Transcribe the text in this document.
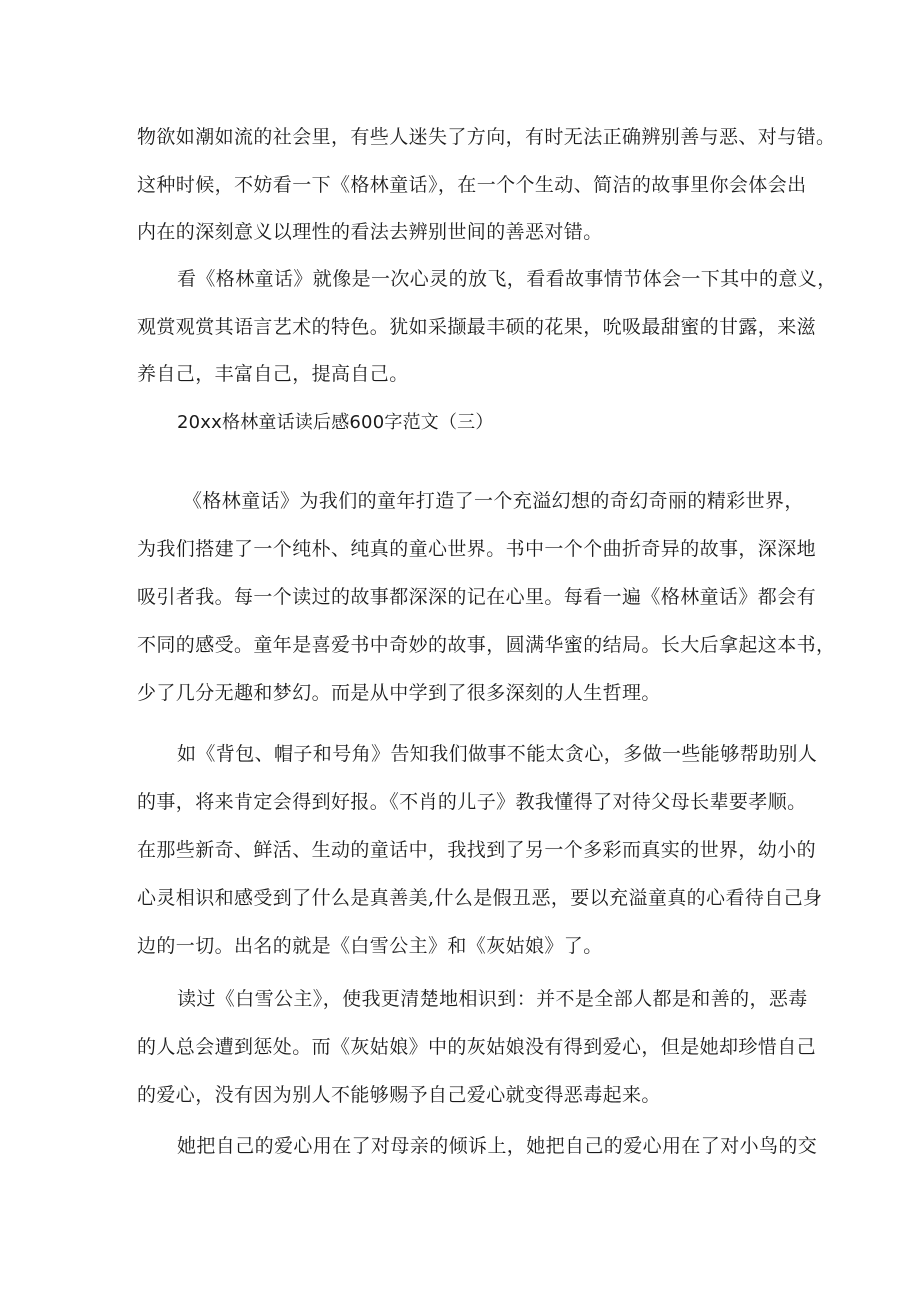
物欲如潮如流的社会里，有些人迷失了方向，有时无法正确辨别善与恶、对与错。
这种时候，不妨看一下《格林童话》，在一个个生动、简洁的故事里你会体会出
内在的深刻意义以理性的看法去辨别世间的善恶对错。
看《格林童话》就像是一次心灵的放飞，看看故事情节体会一下其中的意义，
观赏观赏其语言艺术的特色。犹如采撷最丰硕的花果，吮吸最甜蜜的甘露，来滋
养自己，丰富自己，提高自己。
20xx格林童话读后感600字范文（三）
《格林童话》为我们的童年打造了一个充溢幻想的奇幻奇丽的精彩世界，
为我们搭建了一个纯朴、纯真的童心世界。书中一个个曲折奇异的故事，深深地
吸引者我。每一个读过的故事都深深的记在心里。每看一遍《格林童话》都会有
不同的感受。童年是喜爱书中奇妙的故事，圆满华蜜的结局。长大后拿起这本书，
少了几分无趣和梦幻。而是从中学到了很多深刻的人生哲理。
如《背包、帽子和号角》告知我们做事不能太贪心，多做一些能够帮助别人
的事，将来肯定会得到好报。《不肖的儿子》教我懂得了对待父母长辈要孝顺。
在那些新奇、鲜活、生动的童话中，我找到了另一个多彩而真实的世界，幼小的
心灵相识和感受到了什么是真善美,什么是假丑恶，要以充溢童真的心看待自己身
边的一切。出名的就是《白雪公主》和《灰姑娘》了。
读过《白雪公主》，使我更清楚地相识到：并不是全部人都是和善的，恶毒
的人总会遭到惩处。而《灰姑娘》中的灰姑娘没有得到爱心，但是她却珍惜自己
的爱心，没有因为别人不能够赐予自己爱心就变得恶毒起来。
她把自己的爱心用在了对母亲的倾诉上，她把自己的爱心用在了对小鸟的交
